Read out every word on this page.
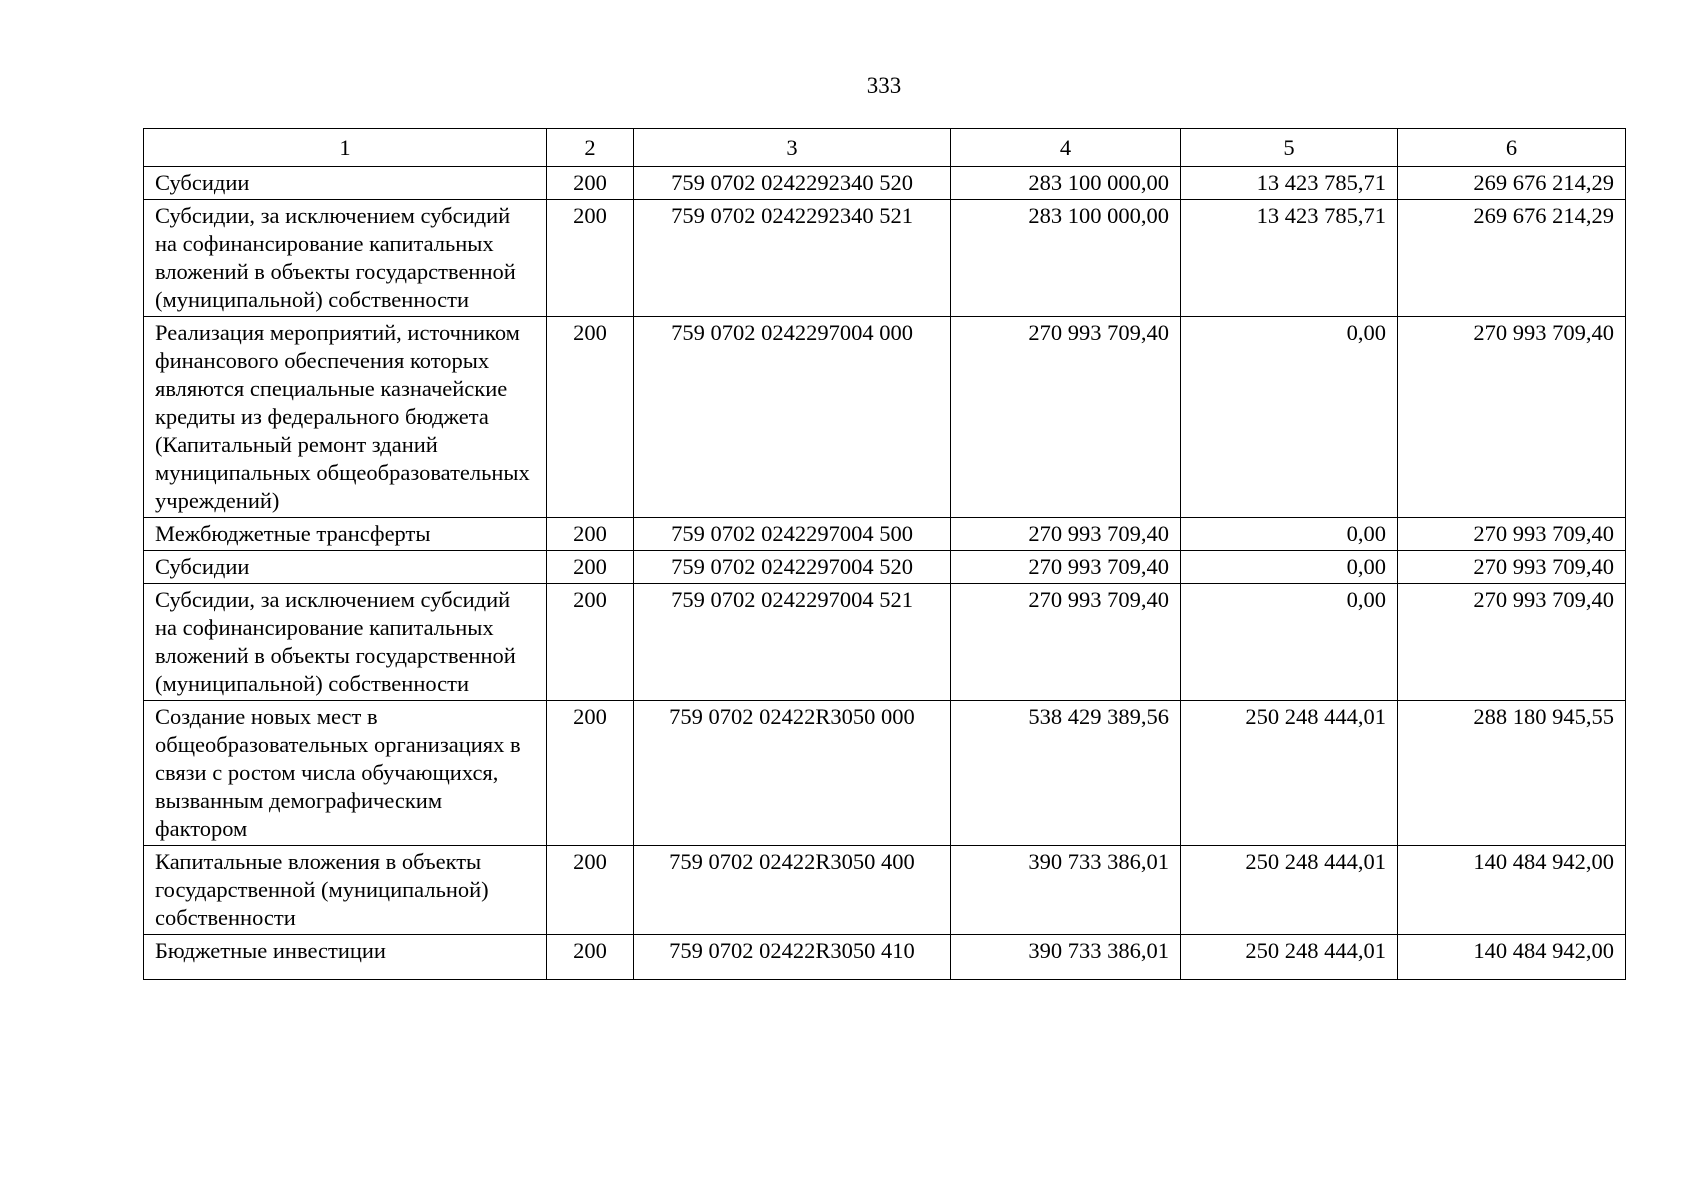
333
1	2	3	4	5	6
Субсидии	200	759 0702 0242292340 520	283 100 000,00	13 423 785,71	269 676 214,29
Субсидии, за исключением субсидий на софинансирование капитальных вложений в объекты государственной (муниципальной) собственности	200	759 0702 0242292340 521	283 100 000,00	13 423 785,71	269 676 214,29
Реализация мероприятий, источником финансового обеспечения которых являются специальные казначейские кредиты из федерального бюджета (Капитальный ремонт зданий муниципальных общеобразовательных учреждений)	200	759 0702 0242297004 000	270 993 709,40	0,00	270 993 709,40
Межбюджетные трансферты	200	759 0702 0242297004 500	270 993 709,40	0,00	270 993 709,40
Субсидии	200	759 0702 0242297004 520	270 993 709,40	0,00	270 993 709,40
Субсидии, за исключением субсидий на софинансирование капитальных вложений в объекты государственной (муниципальной) собственности	200	759 0702 0242297004 521	270 993 709,40	0,00	270 993 709,40
Создание новых мест в общеобразовательных организациях в связи с ростом числа обучающихся, вызванным демографическим фактором	200	759 0702 02422R3050 000	538 429 389,56	250 248 444,01	288 180 945,55
Капитальные вложения в объекты государственной (муниципальной) собственности	200	759 0702 02422R3050 400	390 733 386,01	250 248 444,01	140 484 942,00
Бюджетные инвестиции	200	759 0702 02422R3050 410	390 733 386,01	250 248 444,01	140 484 942,00
